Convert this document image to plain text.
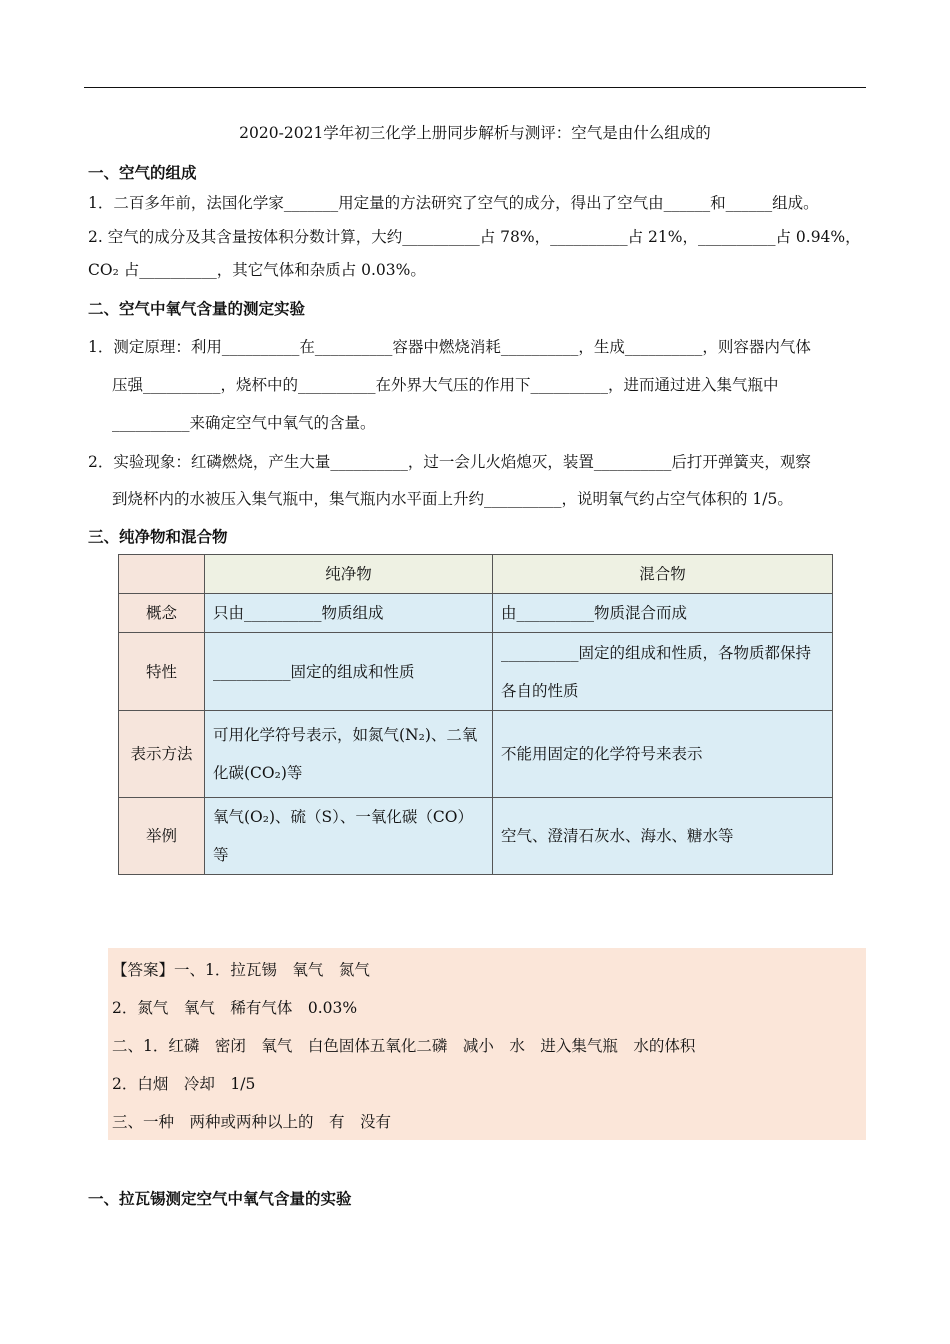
2020-2021学年初三化学上册同步解析与测评：空气是由什么组成的
一、空气的组成
1．二百多年前，法国化学家_______用定量的方法研究了空气的成分，得出了空气由______和______组成。
2. 空气的成分及其含量按体积分数计算，大约__________占 78%，__________占 21%，__________占 0.94%，
CO₂ 占__________，其它气体和杂质占 0.03%。
二、空气中氧气含量的测定实验
1．测定原理：利用__________在__________容器中燃烧消耗__________，生成__________，则容器内气体
压强__________，烧杯中的__________在外界大气压的作用下__________，进而通过进入集气瓶中
__________来确定空气中氧气的含量。
2．实验现象：红磷燃烧，产生大量__________，过一会儿火焰熄灭，装置__________后打开弹簧夹，观察
到烧杯内的水被压入集气瓶中，集气瓶内水平面上升约__________，说明氧气约占空气体积的 1/5。
三、纯净物和混合物
	纯净物	混合物
概念	只由__________物质组成	由__________物质混合而成
特性	__________固定的组成和性质	__________固定的组成和性质，各物质都保持各自的性质
表示方法	可用化学符号表示，如氮气(N₂)、二氧化碳(CO₂)等	不能用固定的化学符号来表示
举例	氧气(O₂)、硫（S）、一氧化碳（CO）等	空气、澄清石灰水、海水、糖水等
【答案】一、1．拉瓦锡　氧气　氮气
2．氮气　氧气　稀有气体　0.03%
二、1．红磷　密闭　氧气　白色固体五氧化二磷　减小　水　进入集气瓶　水的体积
2．白烟　冷却　1/5
三、一种　两种或两种以上的　有　没有
一、拉瓦锡测定空气中氧气含量的实验
